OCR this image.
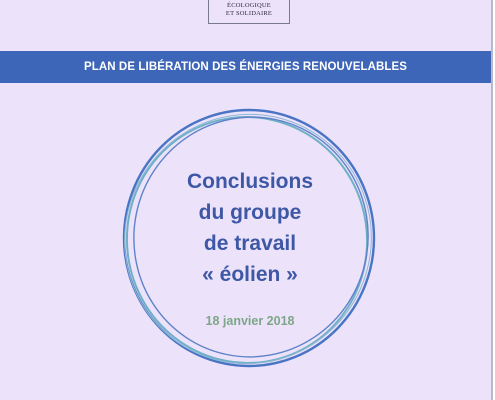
ÉCOLOGIQUE
ET SOLIDAIRE
PLAN DE LIBÉRATION DES ÉNERGIES RENOUVELABLES
Conclusions
du groupe
de travail
« éolien »
18 janvier 2018
